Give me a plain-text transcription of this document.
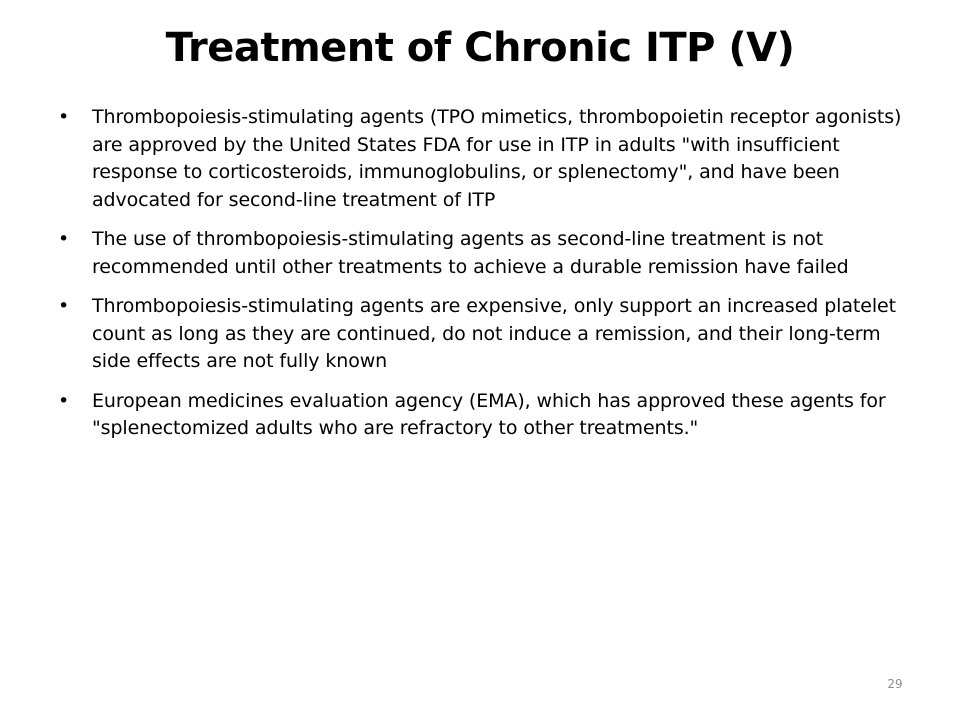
Treatment of Chronic ITP (V)
•	Thrombopoiesis-stimulating agents (TPO mimetics, thrombopoietin receptor agonists) are approved by the United States FDA for use in ITP in adults "with insufficient response to corticosteroids, immunoglobulins, or splenectomy", and have been advocated for second-line treatment of ITP
•	The use of thrombopoiesis-stimulating agents as second-line treatment is not recommended until other treatments to achieve a durable remission have failed
•	Thrombopoiesis-stimulating agents are expensive, only support an increased platelet count as long as they are continued, do not induce a remission, and their long-term side effects are not fully known
•	European medicines evaluation agency (EMA), which has approved these agents for "splenectomized adults who are refractory to other treatments."
29
